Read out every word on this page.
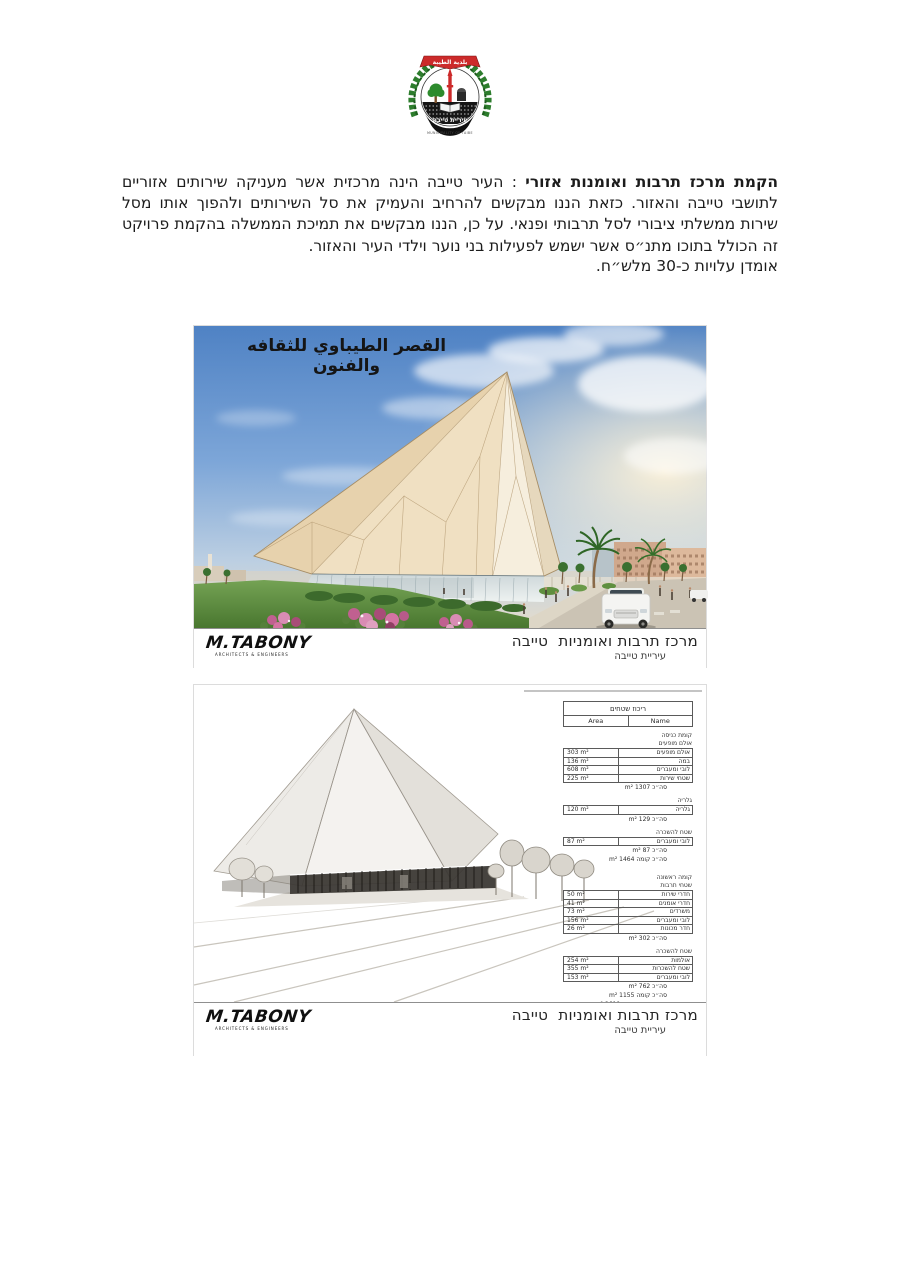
بلدية الطيبة
עיריית טייבה
MUNICIPALITY OF TAIBE

הקמת מרכז תרבות ואומנות אזורי : העיר טייבה הינה מרכזית אשר מעניקה שירותים אזוריים לתושבי טייבה והאזור. כזאת הננו מבקשים להרחיב והעמיק את סל השירותים ולהפוך אותו מסל שירות ממשלתי ציבורי לסל תרבותי ופנאי. על כן, הננו מבקשים את תמיכת הממשלה בהקמת פרויקט זה הכולל בתוכו מתנ״ס אשר ישמש לפעילות בני נוער וילדי העיר והאזור.

אומדן עלויות כ-30 מלש״ח.
القصر الطيباوي للثقافه والفنون
M.TABONY
ARCHITECTS & ENGINEERS
מרכז תרבות ואומניות  טייבה
עיריית טייבה
ריכוז שטחים
Name
Area
קומת כניסה
אולם מופעים
אולם מופעים
303 m²
במה
136 m²
לובי ומעברים
608 m²
שטחי שירות
225 m²
סה״כ 1307 m²
גלריה
גלריה
120 m²
סה״כ 129 m²
שטח להשכרה
לובי ומעברים
87 m²
סה״כ 87 m²
סה״כ קומה 1464 m²
קומה ראשונה
שטחי תרבות
חדרי שירות
50 m²
חדרי אומנים
41 m²
משרדים
73 m²
לובי ומעברים
156 m²
חדר מכונות
26 m²
סה״כ 302 m²
שטח להשכרה
אולמות
254 m²
שטח להשכרות
355 m²
לובי ומעברים
153 m²
סה״כ 762 m²
סה״כ קומה 1155 m²
M.TABONY
ARCHITECTS & ENGINEERS
מרכז תרבות ואומניות  טייבה
עיריית טייבה
